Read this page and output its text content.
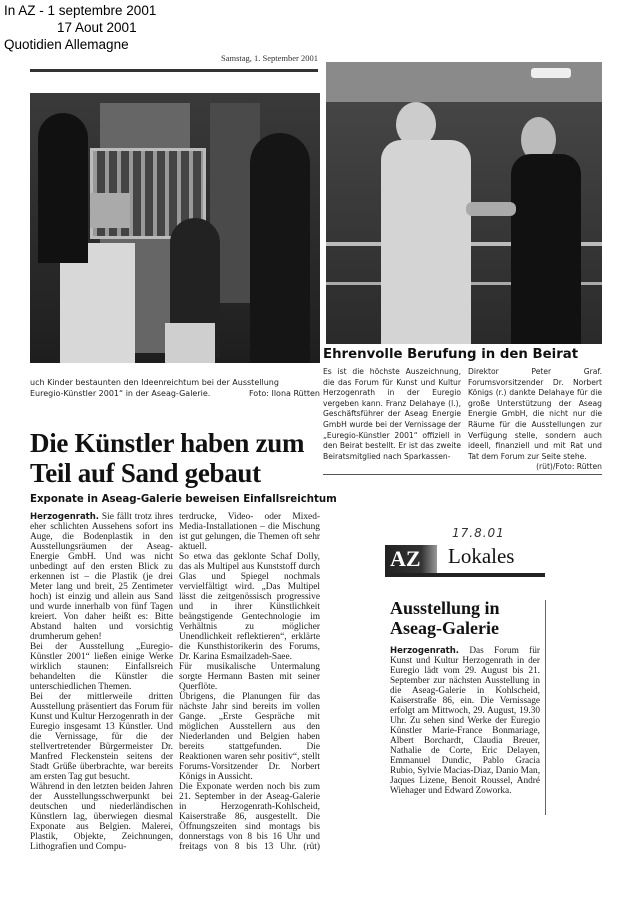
In AZ - 1 septembre 2001
17 Aout 2001
Quotidien Allemagne
Samstag, 1. September 2001
uch Kinder bestaunten den Ideenreichtum bei der Ausstellung
Euregio-Künstler 2001“ in der Aseag-Galerie.	Foto: Ilona Rütten
Ehrenvolle Berufung in den Beirat

Es ist die höchste Auszeichnung, die das Forum für Kunst und Kultur Herzogenrath in der Euregio vergeben kann. Franz Delahaye (l.), Geschäftsführer der Aseag Energie GmbH wurde bei der Vernissage der „Euregio-Künstler 2001“ offiziell in den Beirat bestellt. Er ist das zweite Beiratsmitglied nach Sparkassen-

Direktor Peter Graf. Forumsvorsitzender Dr. Norbert Königs (r.) dankte Delahaye für die große Unterstützung der Aseag Energie GmbH, die nicht nur die Räume für die Ausstellungen zur Verfügung stelle, sondern auch ideell, finanziell und mit Rat und Tat dem Forum zur Seite stehe.

(rüt)/Foto: Rütten

Die Künstler haben zum Teil auf Sand gebaut
Exponate in Aseag-Galerie beweisen Einfallsreichtum

Herzogenrath. Sie fällt trotz ihres eher schlichten Aussehens sofort ins Auge, die Bodenplastik in den Ausstellungsräumen der Aseag-Energie GmbH. Und was nicht unbedingt auf den ersten Blick zu erkennen ist – die Plastik (je drei Meter lang und breit, 25 Zentimeter hoch) ist einzig und allein aus Sand und wurde innerhalb von fünf Tagen kreiert. Von daher heißt es: Bitte Abstand halten und vorsichtig drumherum gehen!

Bei der Ausstellung „Euregio-Künstler 2001“ ließen einige Werke wirklich staunen: Einfallsreich behandelten die Künstler die unterschiedlichen Themen.

Bei der mittlerweile dritten Ausstellung präsentiert das Forum für Kunst und Kultur Herzogenrath in der Euregio insgesamt 13 Künstler. Und die Vernissage, für die der stellvertretender Bürgermeister Dr. Manfred Fleckenstein seitens der Stadt Grüße überbrachte, war bereits am ersten Tag gut besucht.

Während in den letzten beiden Jahren der Ausstellungsschwerpunkt bei deutschen und niederländischen Künstlern lag, überwiegen diesmal Exponate aus Belgien. Malerei, Plastik, Objekte, Zeichnungen, Lithografien und Compu-

terdrucke, Video- oder Mixed-Media-Installationen – die Mischung ist gut gelungen, die Themen oft sehr aktuell.

So etwa das geklonte Schaf Dolly, das als Multipel aus Kunststoff durch Glas und Spiegel nochmals vervielfältigt wird. „Das Multipel lässt die zeitgenössisch progressive und in ihrer Künstlichkeit beängstigende Gentechnologie im Verhältnis zu möglicher Unendlichkeit reflektieren“, erklärte die Kunsthistorikerin des Forums, Dr. Karina Esmailzadeh-Saee.

Für musikalische Untermalung sorgte Hermann Basten mit seiner Querflöte.

Übrigens, die Planungen für das nächste Jahr sind bereits im vollen Gange. „Erste Gespräche mit möglichen Ausstellern aus den Niederlanden und Belgien haben bereits stattgefunden. Die Reaktionen waren sehr positiv“, stellt Forums-Vorsitzender Dr. Norbert Königs in Aussicht.

Die Exponate werden noch bis zum 21. September in der Aseag-Galerie in Herzogenrath-Kohlscheid, Kaiserstraße 86, ausgestellt. Die Öffnungszeiten sind montags bis donnerstags von 8 bis 16 Uhr und freitags von 8 bis 13 Uhr. (rüt)

17.8.01
AZ	Lokales
Ausstellung in Aseag-Galerie

Herzogenrath. Das Forum für Kunst und Kultur Herzogenrath in der Euregio lädt vom 29. August bis 21. September zur nächsten Ausstellung in die Aseag-Galerie in Kohlscheid, Kaiserstraße 86, ein. Die Vernissage erfolgt am Mittwoch, 29. August, 19.30 Uhr. Zu sehen sind Werke der Euregio Künstler Marie-France Bonmariage, Albert Borchardt, Claudia Breuer, Nathalie de Corte, Eric Delayen, Emmanuel Dundic, Pablo Gracia Rubio, Sylvie Macias-Diaz, Danio Man, Jaques Lizene, Benoit Roussel, André Wiehager und Edward Zoworka.
